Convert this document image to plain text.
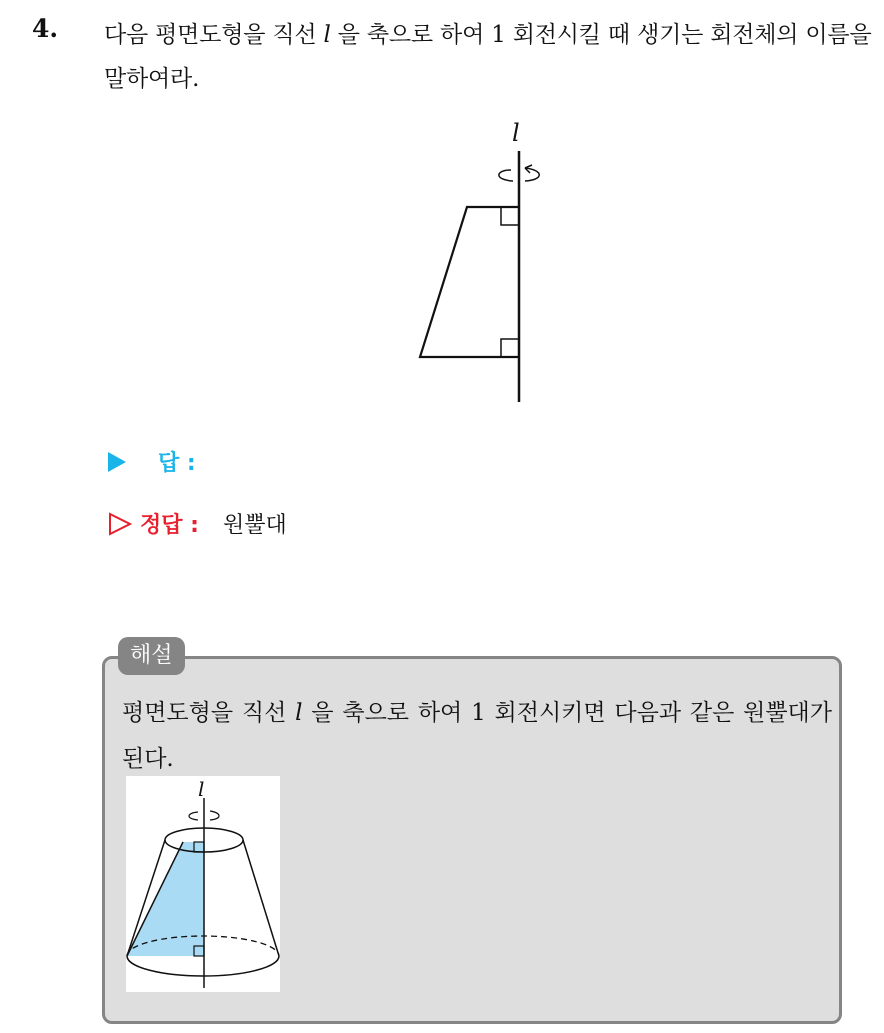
4. 다음 평면도형을 직선 l 을 축으로 하여 1 회전시킬 때 생기는 회전체의 이름을 말하여라.
l
답 :
정답 : 원뿔대
해설
평면도형을 직선 l 을 축으로 하여 1 회전시키면 다음과 같은 원뿔대가 된다.
l
